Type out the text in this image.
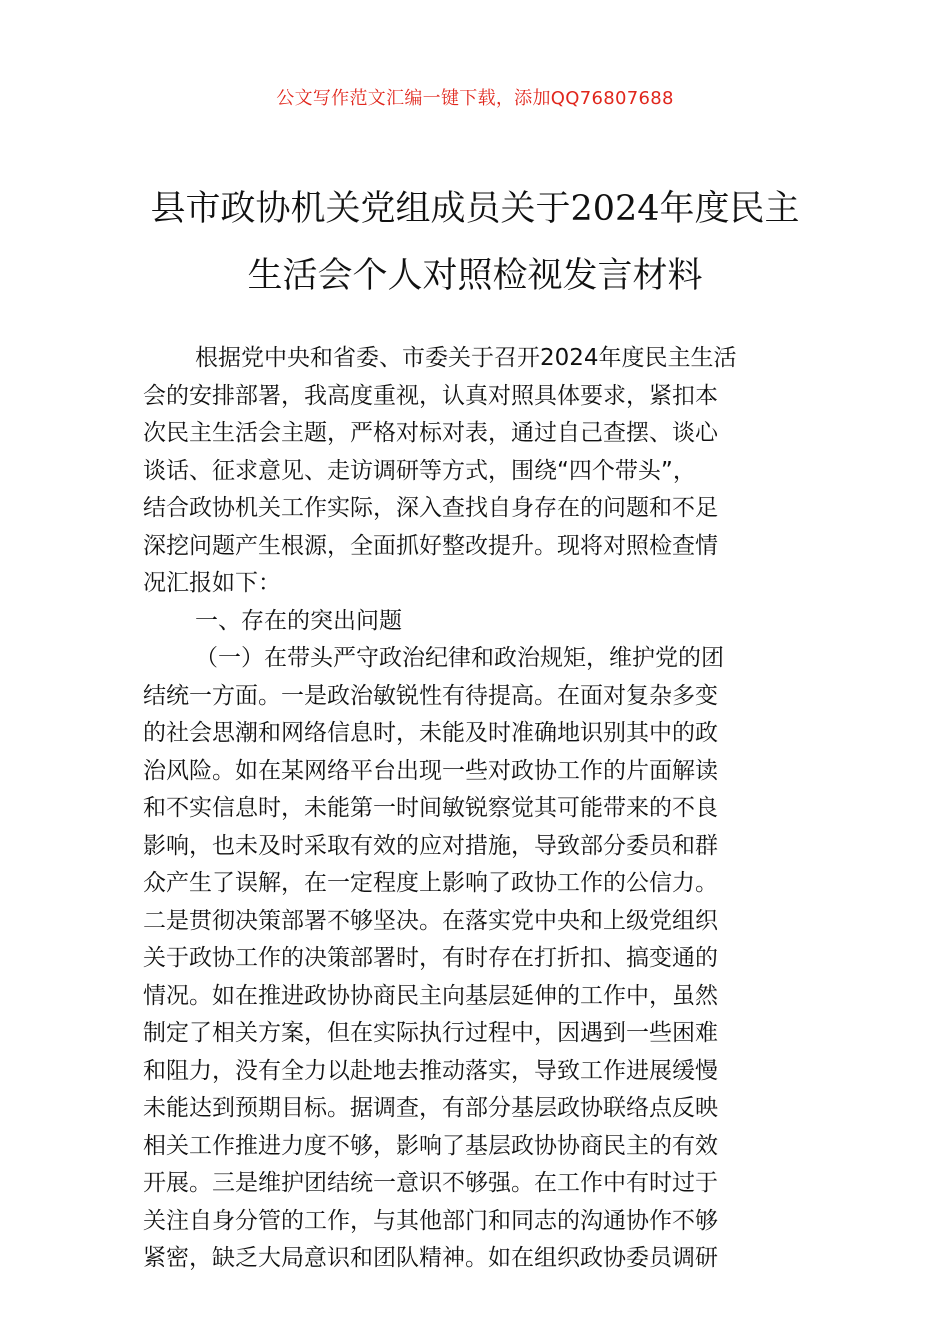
公文写作范文汇编一键下载，添加QQ76807688
县市政协机关党组成员关于2024年度民主
生活会个人对照检视发言材料
根据党中央和省委、市委关于召开2024年度民主生活
会的安排部署，我高度重视，认真对照具体要求，紧扣本
次民主生活会主题，严格对标对表，通过自己查摆、谈心
谈话、征求意见、走访调研等方式，围绕“四个带头”，
结合政协机关工作实际，深入查找自身存在的问题和不足
深挖问题产生根源，全面抓好整改提升。现将对照检查情
况汇报如下：
一、存在的突出问题
（一）在带头严守政治纪律和政治规矩，维护党的团
结统一方面。一是政治敏锐性有待提高。在面对复杂多变
的社会思潮和网络信息时，未能及时准确地识别其中的政
治风险。如在某网络平台出现一些对政协工作的片面解读
和不实信息时，未能第一时间敏锐察觉其可能带来的不良
影响，也未及时采取有效的应对措施，导致部分委员和群
众产生了误解，在一定程度上影响了政协工作的公信力。
二是贯彻决策部署不够坚决。在落实党中央和上级党组织
关于政协工作的决策部署时，有时存在打折扣、搞变通的
情况。如在推进政协协商民主向基层延伸的工作中，虽然
制定了相关方案，但在实际执行过程中，因遇到一些困难
和阻力，没有全力以赴地去推动落实，导致工作进展缓慢
未能达到预期目标。据调查，有部分基层政协联络点反映
相关工作推进力度不够，影响了基层政协协商民主的有效
开展。三是维护团结统一意识不够强。在工作中有时过于
关注自身分管的工作，与其他部门和同志的沟通协作不够
紧密，缺乏大局意识和团队精神。如在组织政协委员调研
